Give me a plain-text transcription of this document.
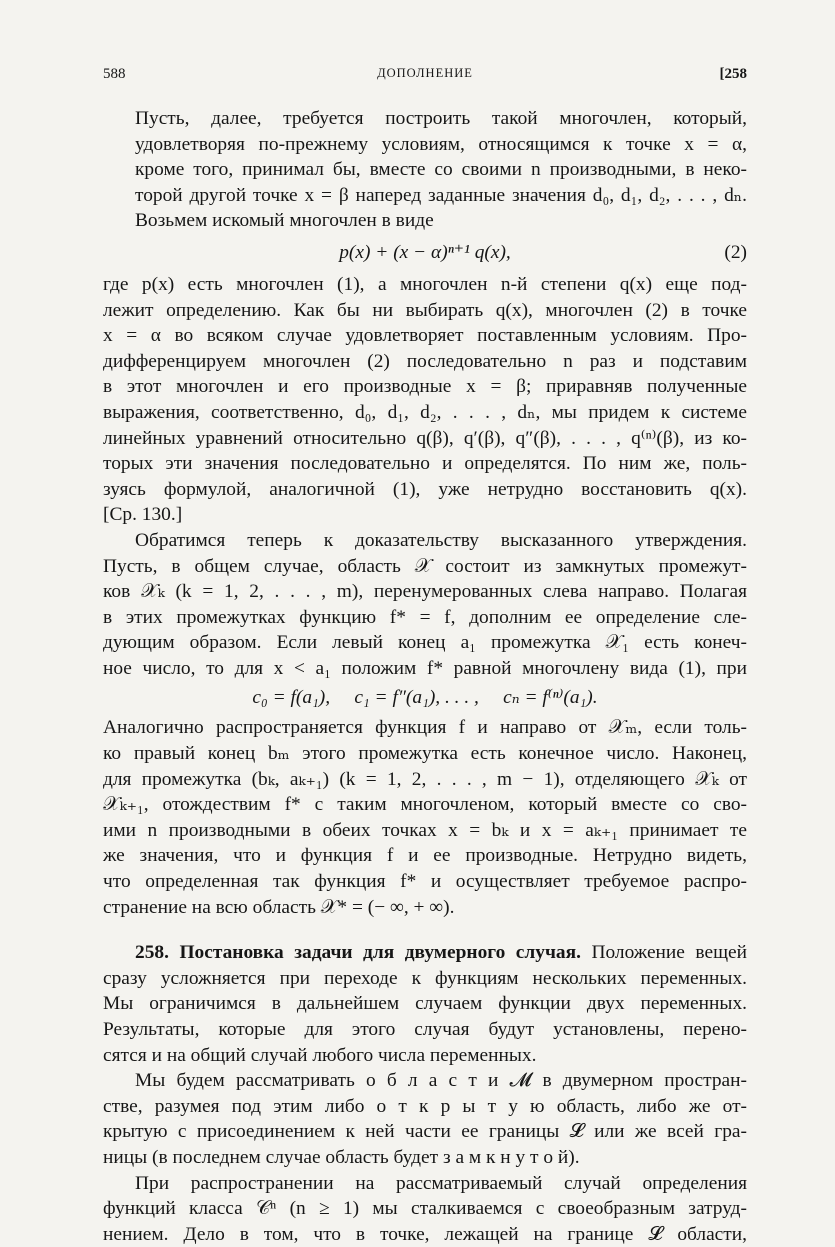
588	ДОПОЛНЕНИЕ	[258

Пусть, далее, требуется построить такой многочлен, который,
удовлетворяя по-прежнему условиям, относящимся к точке x = α,
кроме того, принимал бы, вместе со своими n производными, в неко-
торой другой точке x = β наперед заданные значения d₀, d₁, d₂, . . . , dₙ.
Возьмем искомый многочлен в виде

p(x) + (x − α)ⁿ⁺¹ q(x),	(2)

где p(x) есть многочлен (1), а многочлен n-й степени q(x) еще под-
лежит определению. Как бы ни выбирать q(x), многочлен (2) в точке
x = α во всяком случае удовлетворяет поставленным условиям. Про-
дифференцируем многочлен (2) последовательно n раз и подставим
в этот многочлен и его производные x = β; приравняв полученные
выражения, соответственно, d₀, d₁, d₂, . . . , dₙ, мы придем к системе
линейных уравнений относительно q(β), q′(β), q″(β), . . . , q⁽ⁿ⁾(β), из ко-
торых эти значения последовательно и определятся. По ним же, поль-
зуясь формулой, аналогичной (1), уже нетрудно восстановить q(x).
[Ср. 130.]

Обратимся теперь к доказательству высказанного утверждения.

Пусть, в общем случае, область 𝒳 состоит из замкнутых промежут-
ков 𝒳ₖ (k = 1, 2, . . . , m), перенумерованных слева направо. Полагая
в этих промежутках функцию f* = f, дополним ее определение сле-
дующим образом. Если левый конец a₁ промежутка 𝒳₁ есть конеч-
ное число, то для x < a₁ положим f* равной многочлену вида (1), при

c₀ = f(a₁),     c₁ = f″(a₁), . . . ,     cₙ = f⁽ⁿ⁾(a₁).

Аналогично распространяется функция f и направо от 𝒳ₘ, если толь-
ко правый конец bₘ этого промежутка есть конечное число. Наконец,
для промежутка (bₖ, aₖ₊₁) (k = 1, 2, . . . , m − 1), отделяющего 𝒳ₖ от
𝒳ₖ₊₁, отождествим f* с таким многочленом, который вместе со сво-
ими n производными в обеих точках x = bₖ и x = aₖ₊₁ принимает те
же значения, что и функция f и ее производные. Нетрудно видеть,
что определенная так функция f* и осуществляет требуемое распро-
странение на всю область 𝒳* = (− ∞, + ∞).

258. Постановка задачи для двумерного случая. Положение вещей
сразу усложняется при переходе к функциям нескольких переменных.
Мы ограничимся в дальнейшем случаем функции двух переменных.
Результаты, которые для этого случая будут установлены, перено-
сятся и на общий случай любого числа переменных.

Мы будем рассматривать о б л а с т и 𝓜 в двумерном простран-
стве, разумея под этим либо о т к р ы т у ю область, либо же от-
крытую с присоединением к ней части ее границы 𝓛 или же всей гра-
ницы (в последнем случае область будет з а м к н у т о й).

При распространении на рассматриваемый случай определения
функций класса 𝒞ⁿ (n ≥ 1) мы сталкиваемся с своеобразным затруд-
нением. Дело в том, что в точке, лежащей на границе 𝓛 области,
